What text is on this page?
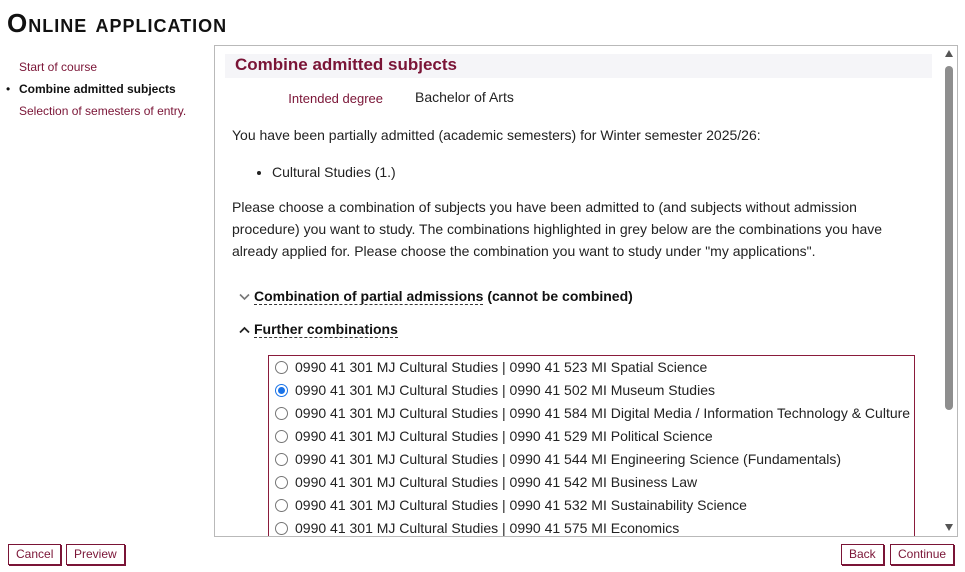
Online application
Start of course
• Combine admitted subjects
Selection of semesters of entry.
Combine admitted subjects
Intended degree Bachelor of Arts
You have been partially admitted (academic semesters) for Winter semester 2025/26:
• Cultural Studies (1.)
Please choose a combination of subjects you have been admitted to (and subjects without admission procedure) you want to study. The combinations highlighted in grey below are the combinations you have already applied for. Please choose the combination you want to study under "my applications".
Combination of partial admissions (cannot be combined)
Further combinations
0990 41 301 MJ Cultural Studies | 0990 41 523 MI Spatial Science
0990 41 301 MJ Cultural Studies | 0990 41 502 MI Museum Studies
0990 41 301 MJ Cultural Studies | 0990 41 584 MI Digital Media / Information Technology & Culture
0990 41 301 MJ Cultural Studies | 0990 41 529 MI Political Science
0990 41 301 MJ Cultural Studies | 0990 41 544 MI Engineering Science (Fundamentals)
0990 41 301 MJ Cultural Studies | 0990 41 542 MI Business Law
0990 41 301 MJ Cultural Studies | 0990 41 532 MI Sustainability Science
0990 41 301 MJ Cultural Studies | 0990 41 575 MI Economics
Cancel	Preview	Back	Continue
